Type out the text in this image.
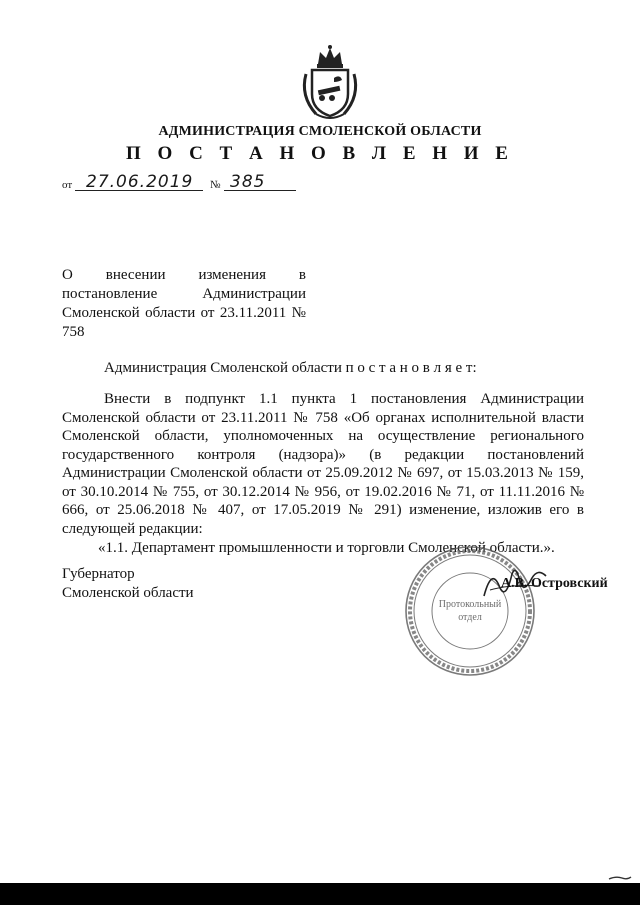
АДМИНИСТРАЦИЯ СМОЛЕНСКОЙ ОБЛАСТИ
П О С Т А Н О В Л Е Н И Е
от 27.06.2019 № 385
О внесении изменения в постановление Администрации Смоленской области от 23.11.2011 № 758
Администрация Смоленской области п о с т а н о в л я е т:

Внести в подпункт 1.1 пункта 1 постановления Администрации Смоленской области от 23.11.2011 № 758 «Об органах исполнительной власти Смоленской области, уполномоченных на осуществление регионального государственного контроля (надзора)» (в редакции постановлений Администрации Смоленской области от 25.09.2012 № 697, от 15.03.2013 № 159, от 30.10.2014 № 755, от 30.12.2014 № 956, от 19.02.2016 № 71, от 11.11.2016 № 666, от 25.06.2018 № 407, от 17.05.2019 № 291) изменение, изложив его в следующей редакции:

«1.1. Департамент промышленности и торговли Смоленской области.».

Губернатор
Смоленской области
Протокольный
отдел
А.В. Островский
